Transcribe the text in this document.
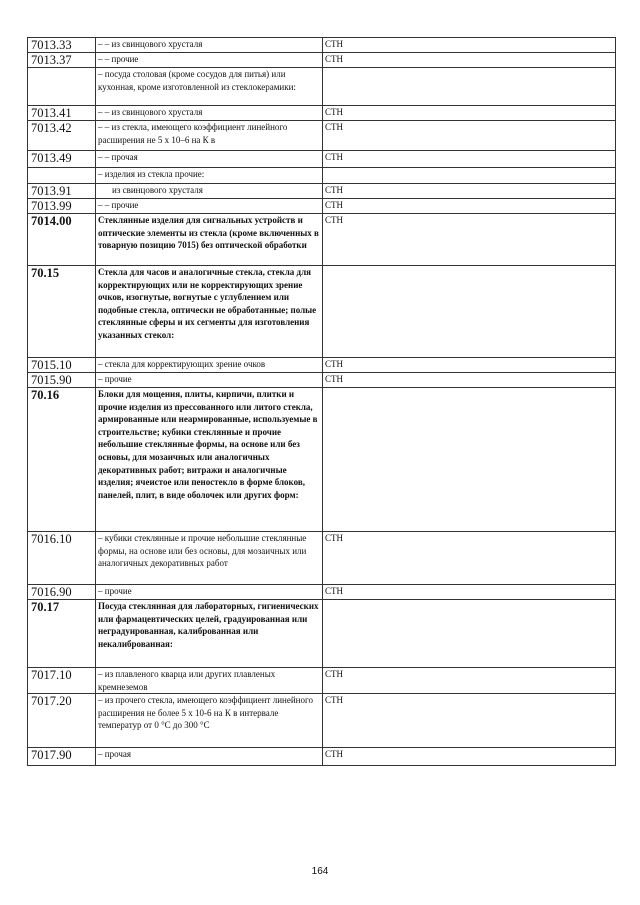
7013.33	– – из свинцового хрусталя	СТН
7013.37	– – прочие	СТН
	– посуда столовая (кроме сосудов для питья) или кухонная, кроме изготовленной из стеклокерамики:	
7013.41	– – из свинцового хрусталя	СТН
7013.42	– – из стекла, имеющего коэффициент линейного расширения не 5 х 10–6 на К в	СТН
7013.49	– – прочая	СТН
	– изделия из стекла прочие:	
7013.91	из свинцового хрусталя	СТН
7013.99	– – прочие	СТН
7014.00	Стеклянные изделия для сигнальных устройств и оптические элементы из стекла (кроме включенных в товарную позицию 7015) без оптической обработки	СТН
70.15	Стекла для часов и аналогичные стекла, стекла для корректирующих или не корректирующих зрение очков, изогнутые, вогнутые с углублением или подобные стекла, оптически не обработанные; полые стеклянные сферы и их сегменты для изготовления указанных стекол:	
7015.10	– стекла для корректирующих зрение очков	СТН
7015.90	– прочие	СТН
70.16	Блоки для мощения, плиты, кирпичи, плитки и прочие изделия из прессованного или литого стекла, армированные или неармированные, используемые в строительстве; кубики стеклянные и прочие небольшие стеклянные формы, на основе или без основы, для мозаичных или аналогичных декоративных работ; витражи и аналогичные изделия; ячеистое или пеностекло в форме блоков, панелей, плит, в виде оболочек или других форм:	
7016.10	– кубики стеклянные и прочие небольшие стеклянные формы, на основе или без основы, для мозаичных или аналогичных декоративных работ	СТН
7016.90	– прочие	СТН
70.17	Посуда стеклянная для лабораторных, гигиенических или фармацевтических целей, градуированная или неградуированная, калиброванная или некалиброванная:	
7017.10	– из плавленого кварца или других плавленых кремнеземов	СТН
7017.20	– из прочего стекла, имеющего коэффициент линейного расширения не более 5 х 10-6 на К в интервале температур от 0 °С до 300 °С	СТН
7017.90	– прочая	СТН
164
